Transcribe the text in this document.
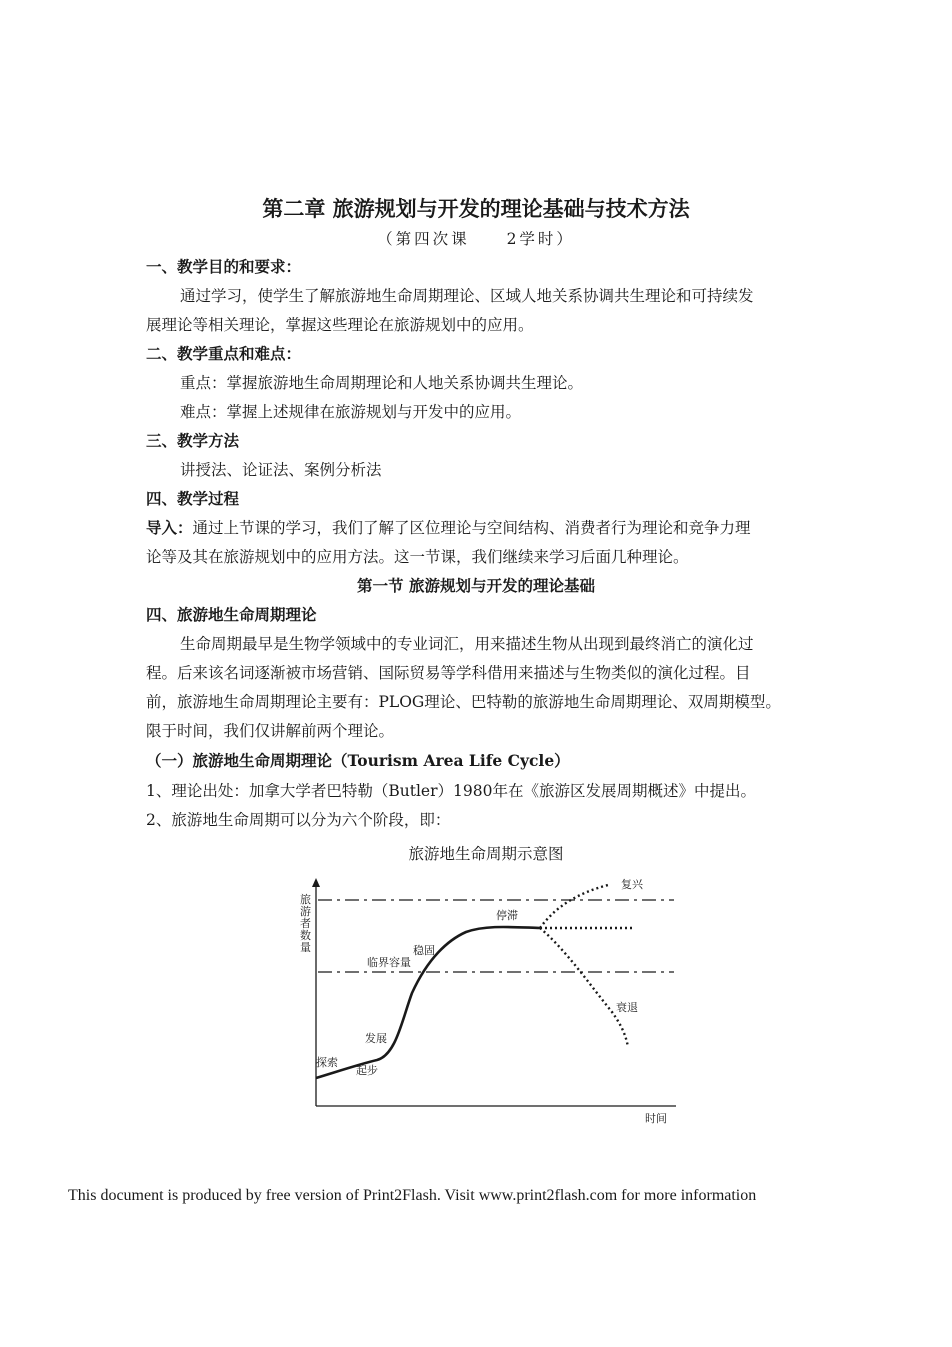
第二章 旅游规划与开发的理论基础与技术方法
（第四次课　　2学时）
一、教学目的和要求：
通过学习，使学生了解旅游地生命周期理论、区域人地关系协调共生理论和可持续发
展理论等相关理论，掌握这些理论在旅游规划中的应用。
二、教学重点和难点：
重点：掌握旅游地生命周期理论和人地关系协调共生理论。
难点：掌握上述规律在旅游规划与开发中的应用。
三、教学方法
讲授法、论证法、案例分析法
四、教学过程
导入：通过上节课的学习，我们了解了区位理论与空间结构、消费者行为理论和竞争力理
论等及其在旅游规划中的应用方法。这一节课，我们继续来学习后面几种理论。
第一节 旅游规划与开发的理论基础
四、旅游地生命周期理论
生命周期最早是生物学领域中的专业词汇，用来描述生物从出现到最终消亡的演化过
程。后来该名词逐渐被市场营销、国际贸易等学科借用来描述与生物类似的演化过程。目
前，旅游地生命周期理论主要有：PLOG理论、巴特勒的旅游地生命周期理论、双周期模型。
限于时间，我们仅讲解前两个理论。
（一）旅游地生命周期理论（Tourism Area Life Cycle）
1、理论出处：加拿大学者巴特勒（Butler）1980年在《旅游区发展周期概述》中提出。
2、旅游地生命周期可以分为六个阶段，即：
旅游地生命周期示意图
旅 游 者 数 量
时间
探索
起步
发展
临界容量
稳固
停滞
复兴
衰退
This document is produced by free version of Print2Flash. Visit www.print2flash.com for more information
